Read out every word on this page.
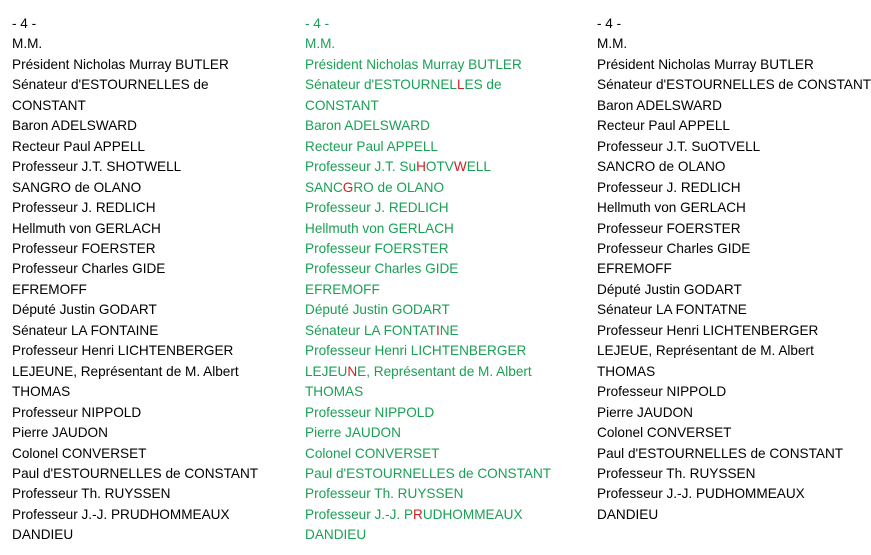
- 4 -
M.M.
Président Nicholas Murray BUTLER
Sénateur d'ESTOURNELLES de
CONSTANT
Baron ADELSWARD
Recteur Paul APPELL
Professeur J.T. SHOTWELL
SANGRO de OLANO
Professeur J. REDLICH
Hellmuth von GERLACH
Professeur FOERSTER
Professeur Charles GIDE
EFREMOFF
Député Justin GODART
Sénateur LA FONTAINE
Professeur Henri LICHTENBERGER
LEJEUNE, Représentant de M. Albert
THOMAS
Professeur NIPPOLD
Pierre JAUDON
Colonel CONVERSET
Paul d'ESTOURNELLES de CONSTANT
Professeur Th. RUYSSEN
Professeur J.-J. PRUDHOMMEAUX
DANDIEU
- 4 -
M.M.
Président Nicholas Murray BUTLER
Sénateur d'ESTOURNELLES de
CONSTANT
Baron ADELSWARD
Recteur Paul APPELL
Professeur J.T. SuHOTVWELL
SANCGRO de OLANO
Professeur J. REDLICH
Hellmuth von GERLACH
Professeur FOERSTER
Professeur Charles GIDE
EFREMOFF
Député Justin GODART
Sénateur LA FONTATINE
Professeur Henri LICHTENBERGER
LEJEUNE, Représentant de M. Albert
THOMAS
Professeur NIPPOLD
Pierre JAUDON
Colonel CONVERSET
Paul d'ESTOURNELLES de CONSTANT
Professeur Th. RUYSSEN
Professeur J.-J. PRUDHOMMEAUX
DANDIEU
- 4 -
M.M.
Président Nicholas Murray BUTLER
Sénateur d'ESTOURNELLES de CONSTANT
Baron ADELSWARD
Recteur Paul APPELL
Professeur J.T. SuOTVELL
SANCRO de OLANO
Professeur J. REDLICH
Hellmuth von GERLACH
Professeur FOERSTER
Professeur Charles GIDE
EFREMOFF
Député Justin GODART
Sénateur LA FONTATNE
Professeur Henri LICHTENBERGER
LEJEUE, Représentant de M. Albert
THOMAS
Professeur NIPPOLD
Pierre JAUDON
Colonel CONVERSET
Paul d'ESTOURNELLES de CONSTANT
Professeur Th. RUYSSEN
Professeur J.-J. PUDHOMMEAUX
DANDIEU
